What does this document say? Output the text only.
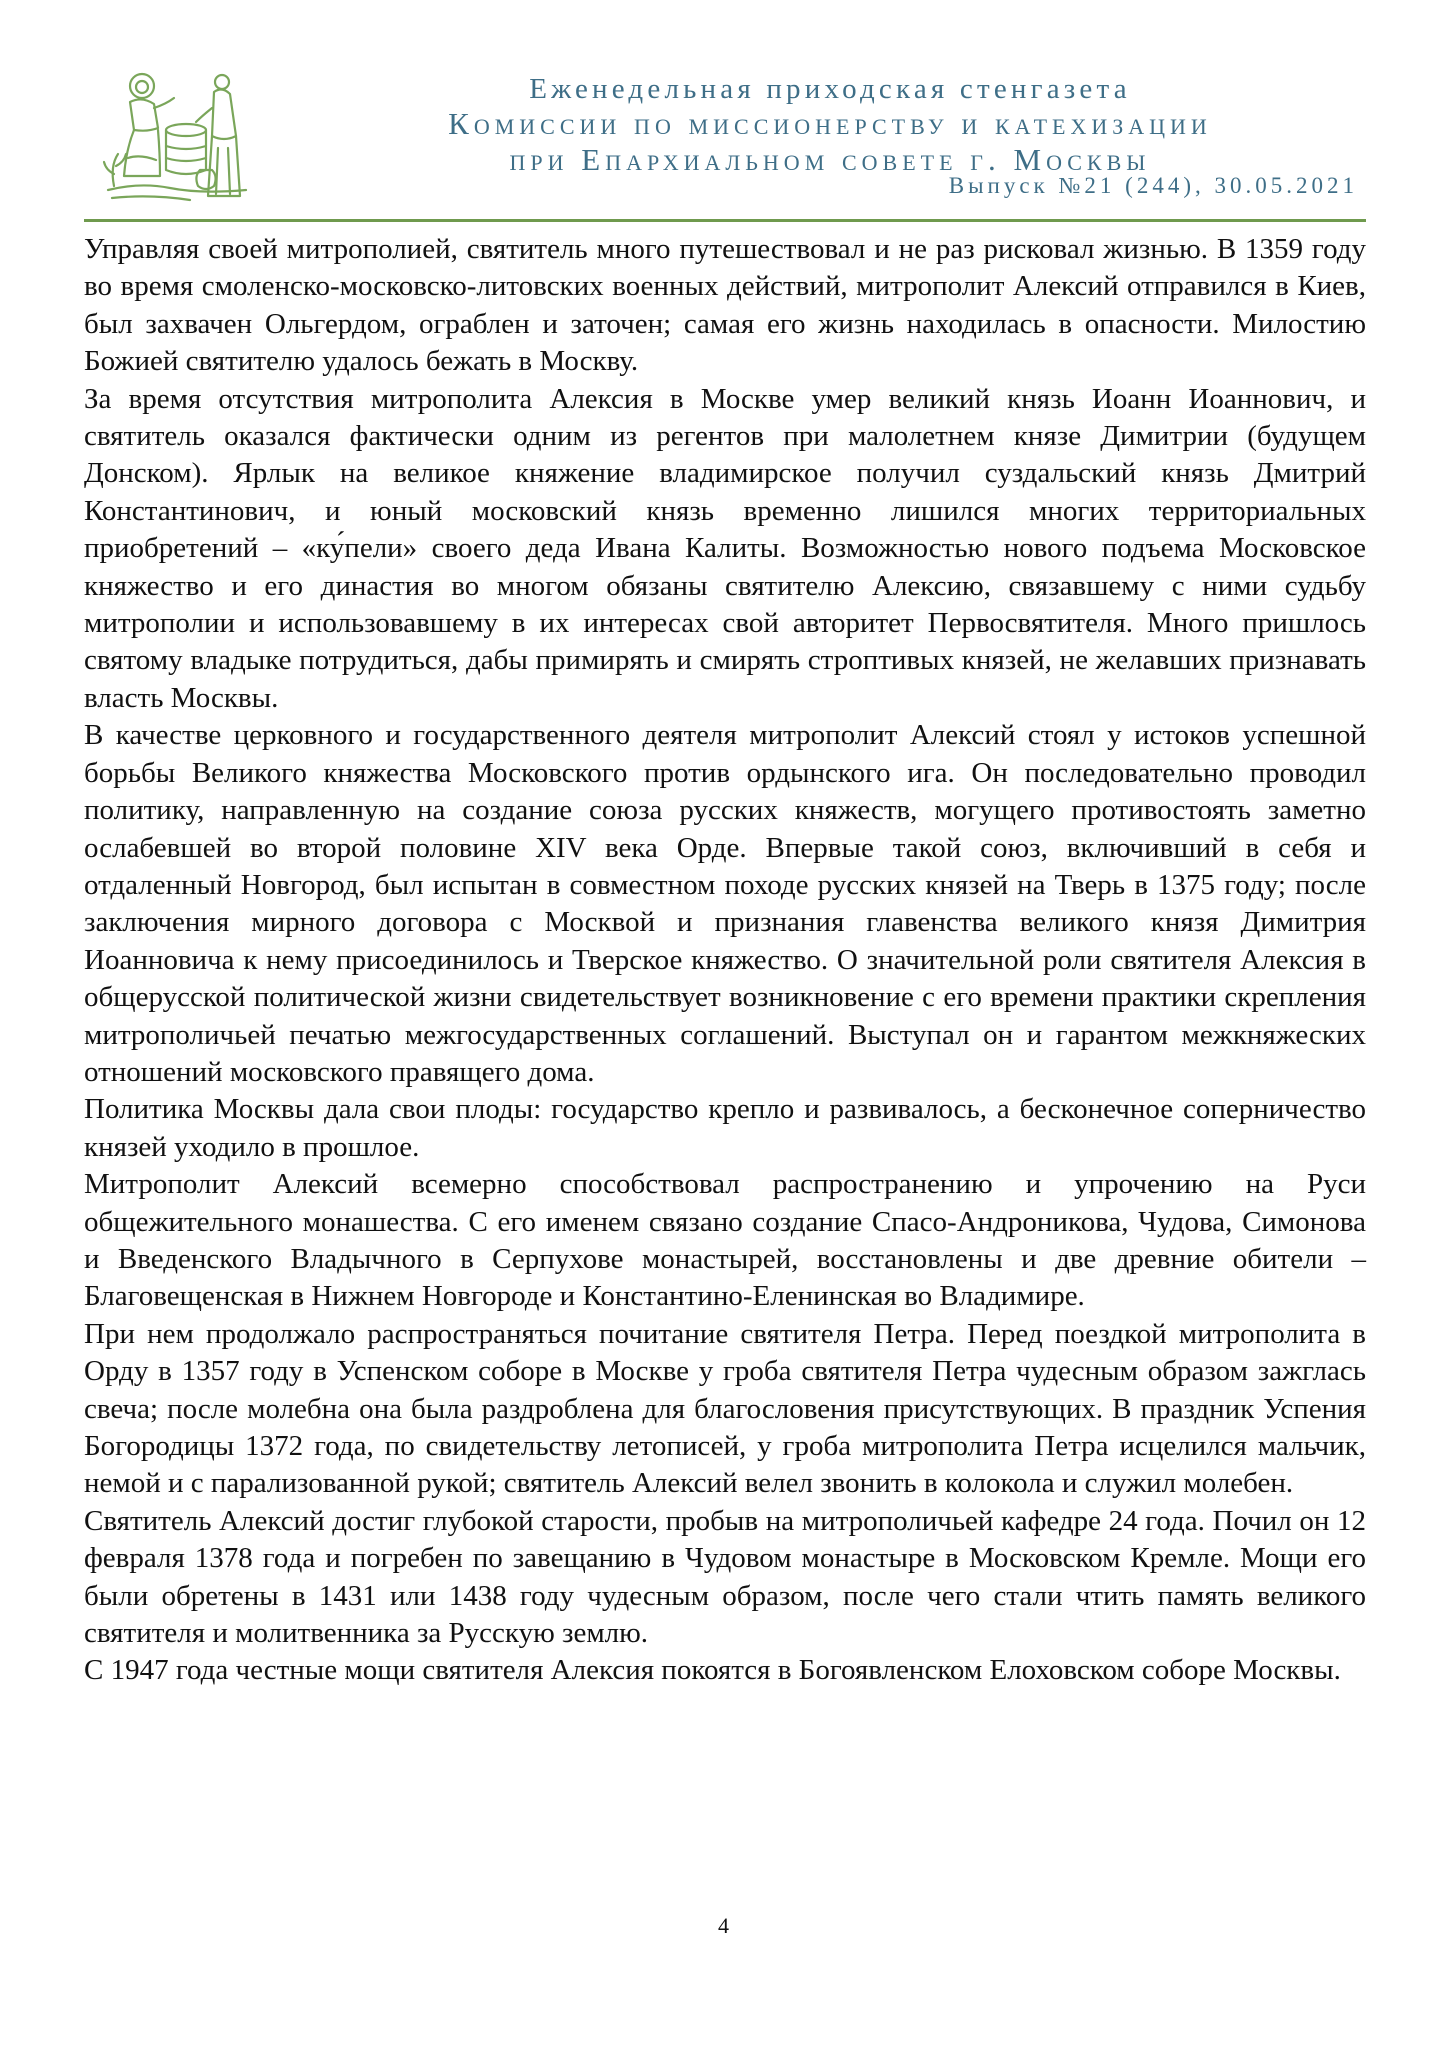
Еженедельная приходская стенгазета
Комиссии по миссионерству и катехизации
при Епархиальном совете г. Москвы
Выпуск №21 (244), 30.05.2021

Управляя своей митрополией, святитель много путешествовал и не раз рисковал жизнью. В 1359 году во время смоленско-московско-литовских военных действий, митрополит Алексий отправился в Киев, был захвачен Ольгердом, ограблен и заточен; самая его жизнь находилась в опасности. Милостию Божией святителю удалось бежать в Москву.

За время отсутствия митрополита Алексия в Москве умер великий князь Иоанн Иоаннович, и святитель оказался фактически одним из регентов при малолетнем князе Димитрии (будущем Донском). Ярлык на великое княжение владимирское получил суздальский князь Дмитрий Константинович, и юный московский князь временно лишился многих территориальных приобретений – «ку́пели» своего деда Ивана Калиты. Возможностью нового подъема Московское княжество и его династия во многом обязаны святителю Алексию, связавшему с ними судьбу митрополии и использовавшему в их интересах свой авторитет Первосвятителя. Много пришлось святому владыке потрудиться, дабы примирять и смирять строптивых князей, не желавших признавать власть Москвы.

В качестве церковного и государственного деятеля митрополит Алексий стоял у истоков успешной борьбы Великого княжества Московского против ордынского ига. Он последовательно проводил политику, направленную на создание союза русских княжеств, могущего противостоять заметно ослабевшей во второй половине XIV века Орде. Впервые такой союз, включивший в себя и отдаленный Новгород, был испытан в совместном походе русских князей на Тверь в 1375 году; после заключения мирного договора с Москвой и признания главенства великого князя Димитрия Иоанновича к нему присоединилось и Тверское княжество. О значительной роли святителя Алексия в общерусской политической жизни свидетельствует возникновение с его времени практики скрепления митрополичьей печатью межгосударственных соглашений. Выступал он и гарантом межкняжеских отношений московского правящего дома.

Политика Москвы дала свои плоды: государство крепло и развивалось, а бесконечное соперничество князей уходило в прошлое.

Митрополит Алексий всемерно способствовал распространению и упрочению на Руси общежительного монашества. С его именем связано создание Спасо-Андроникова, Чудова, Симонова и Введенского Владычного в Серпухове монастырей, восстановлены и две древние обители – Благовещенская в Нижнем Новгороде и Константино-Еленинская во Владимире.

При нем продолжало распространяться почитание святителя Петра. Перед поездкой митрополита в Орду в 1357 году в Успенском соборе в Москве у гроба святителя Петра чудесным образом зажглась свеча; после молебна она была раздроблена для благословения присутствующих. В праздник Успения Богородицы 1372 года, по свидетельству летописей, у гроба митрополита Петра исцелился мальчик, немой и с парализованной рукой; святитель Алексий велел звонить в колокола и служил молебен.

Святитель Алексий достиг глубокой старости, пробыв на митрополичьей кафедре 24 года. Почил он 12 февраля 1378 года и погребен по завещанию в Чудовом монастыре в Московском Кремле. Мощи его были обретены в 1431 или 1438 году чудесным образом, после чего стали чтить память великого святителя и молитвенника за Русскую землю.

С 1947 года честные мощи святителя Алексия покоятся в Богоявленском Елоховском соборе Москвы.

4
